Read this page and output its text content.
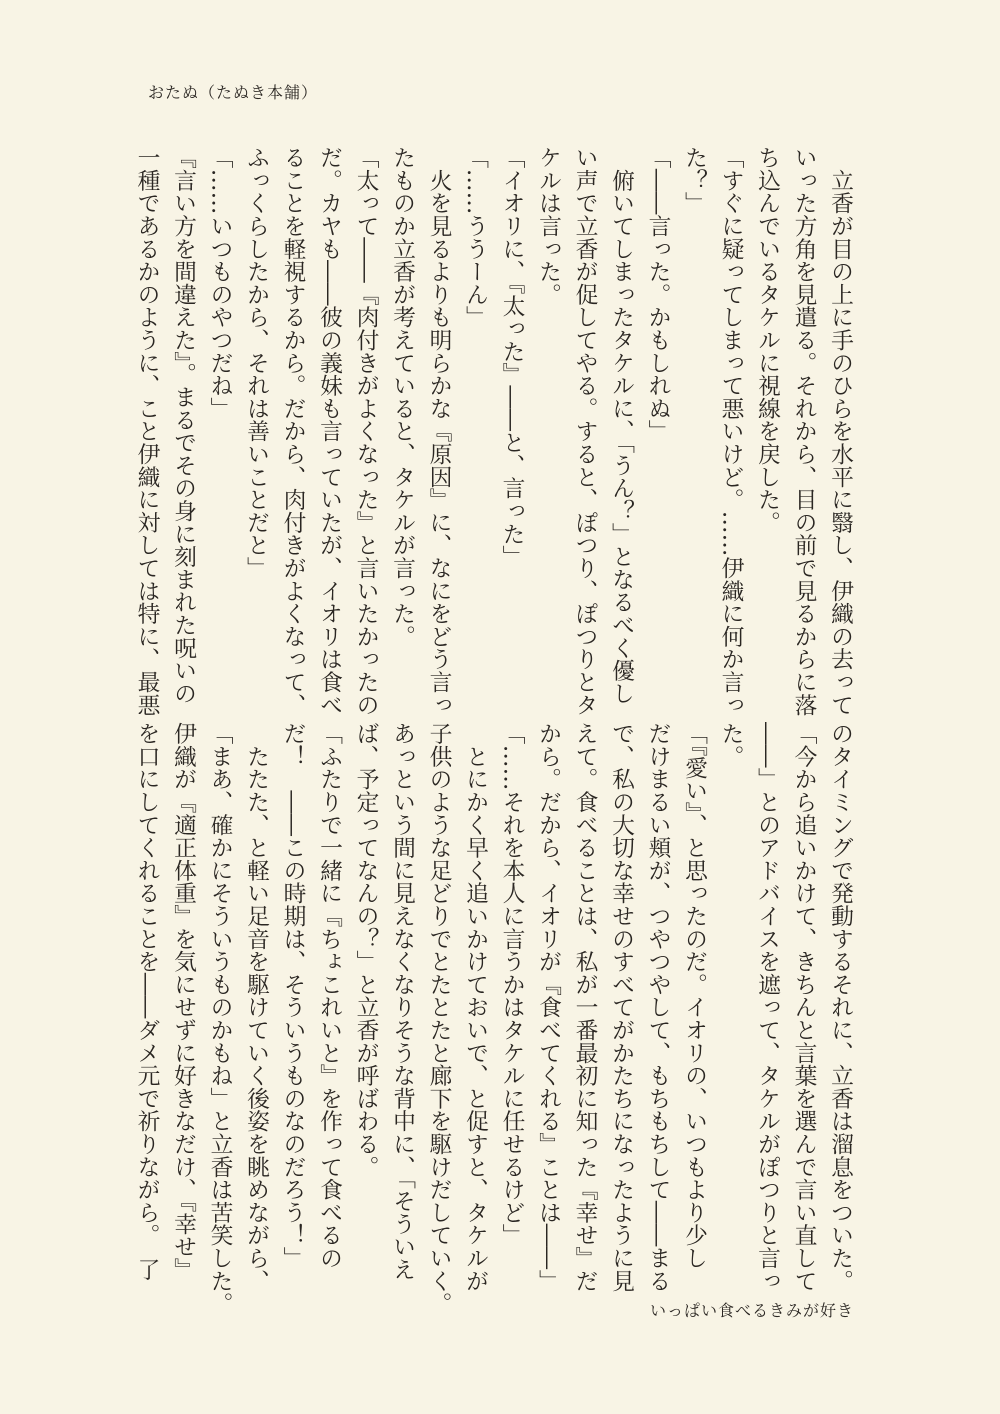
おたぬ（たぬき本舗）
　立香が目の上に手のひらを水平に翳し、伊織の去って
いった方角を見遣る。それから、目の前で見るからに落
ち込んでいるタケルに視線を戻した。
「すぐに疑ってしまって悪いけど。……伊織に何か言っ
た？」
「――言った。かもしれぬ」
　俯いてしまったタケルに、「うん？」となるべく優し
い声で立香が促してやる。すると、ぽつり、ぽつりとタ
ケルは言った。
「イオリに、『太った』――と、言った」
「……ううーん」
　火を見るよりも明らかな『原因』に、なにをどう言っ
たものか立香が考えていると、タケルが言った。
「太って――『肉付きがよくなった』と言いたかったの
だ。カヤも――彼の義妹も言っていたが、イオリは食べ
ることを軽視するから。だから、肉付きがよくなって、
ふっくらしたから、それは善いことだと」
「……いつものやつだね」
『言い方を間違えた』。まるでその身に刻まれた呪いの
一種であるかのように、こと伊織に対しては特に、最悪
のタイミングで発動するそれに、立香は溜息をついた。
「今から追いかけて、きちんと言葉を選んで言い直して
――」とのアドバイスを遮って、タケルがぽつりと言っ
た。
「『愛い』、と思ったのだ。イオリの、いつもより少し
だけまるい頬が、つやつやして、もちもちして――まる
で、私の大切な幸せのすべてがかたちになったように見
えて。食べることは、私が一番最初に知った『幸せ』だ
から。だから、イオリが『食べてくれる』ことは――」
「……それを本人に言うかはタケルに任せるけど」
　とにかく早く追いかけておいで、と促すと、タケルが
子供のような足どりでとたとたと廊下を駆けだしていく。
あっという間に見えなくなりそうな背中に、「そういえ
ば、予定ってなんの？」と立香が呼ばわる。
「ふたりで一緒に『ちょこれいと』を作って食べるの
だ！　――この時期は、そういうものなのだろう！」
　たたた、と軽い足音を駆けていく後姿を眺めながら、
「まあ、確かにそういうものかもね」と立香は苦笑した。
伊織が『適正体重』を気にせずに好きなだけ、『幸せ』
を口にしてくれることを――ダメ元で祈りながら。　了
いっぱい食べるきみが好き
